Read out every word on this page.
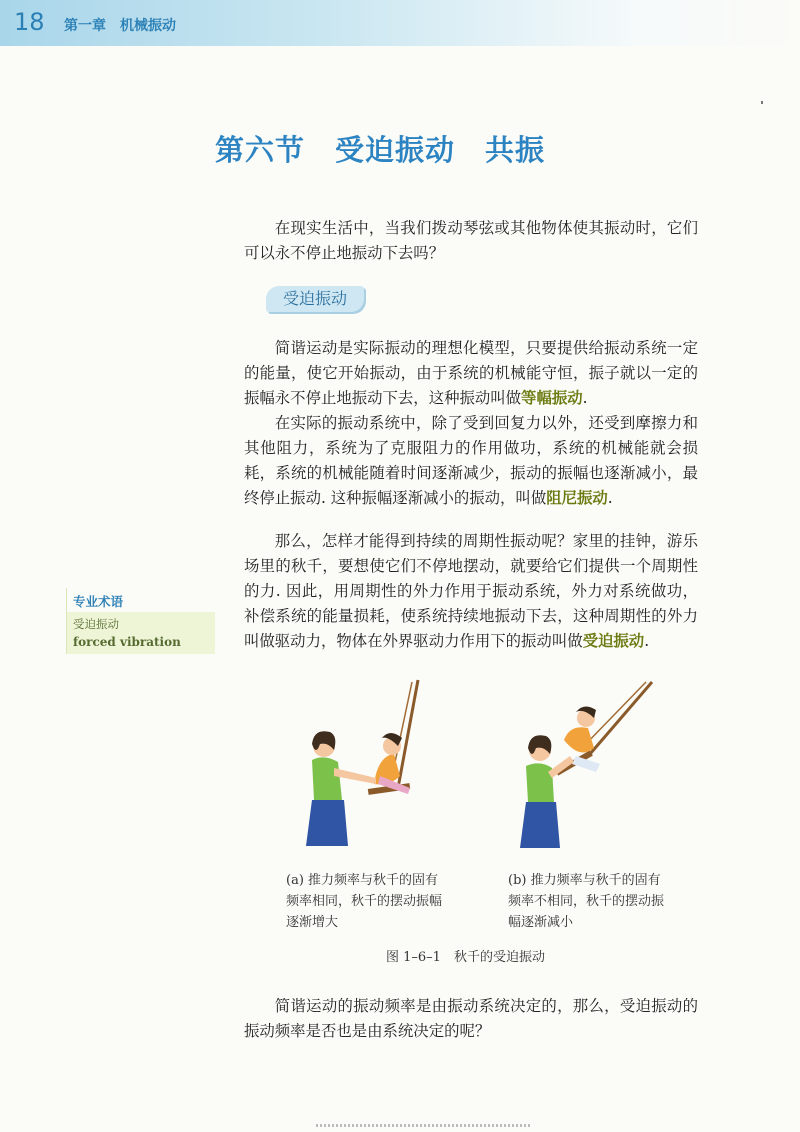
18 第一章　机械振动
第六节　受迫振动　共振

在现实生活中，当我们拨动琴弦或其他物体使其振动时，它们可以永不停止地振动下去吗？

受迫振动

简谐运动是实际振动的理想化模型，只要提供给振动系统一定的能量，使它开始振动，由于系统的机械能守恒，振子就以一定的振幅永不停止地振动下去，这种振动叫做等幅振动.

在实际的振动系统中，除了受到回复力以外，还受到摩擦力和其他阻力，系统为了克服阻力的作用做功，系统的机械能就会损耗，系统的机械能随着时间逐渐减少，振动的振幅也逐渐减小，最终停止振动. 这种振幅逐渐减小的振动，叫做阻尼振动.

那么，怎样才能得到持续的周期性振动呢？家里的挂钟，游乐场里的秋千，要想使它们不停地摆动，就要给它们提供一个周期性的力. 因此，用周期性的外力作用于振动系统，外力对系统做功，补偿系统的能量损耗，使系统持续地振动下去，这种周期性的外力叫做驱动力，物体在外界驱动力作用下的振动叫做受迫振动.

专业术语
受迫振动
forced vibration

(a) 推力频率与秋千的固有频率相同，秋千的摆动振幅逐渐增大

(b) 推力频率与秋千的固有频率不相同，秋千的摆动振幅逐渐减小

图 1–6–1　秋千的受迫振动

简谐运动的振动频率是由振动系统决定的，那么，受迫振动的振动频率是否也是由系统决定的呢？
